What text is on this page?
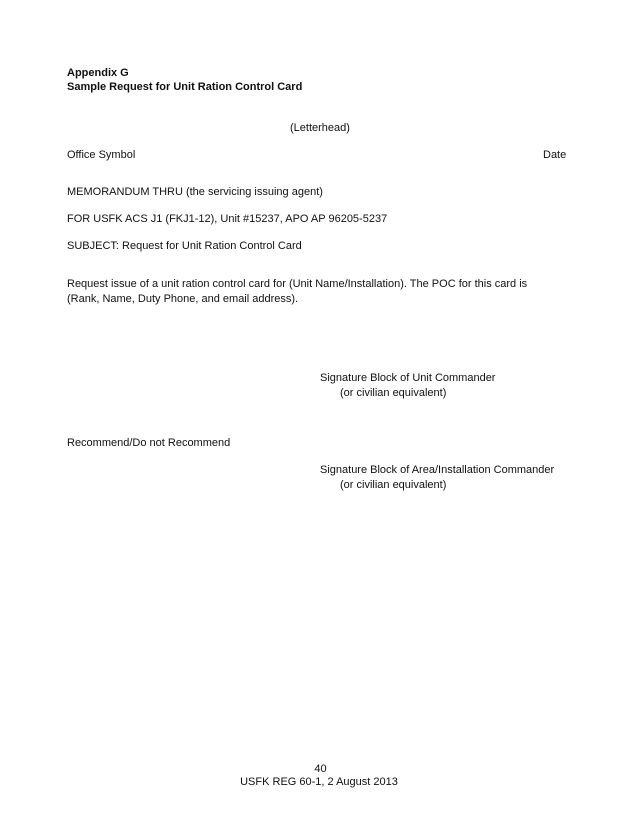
Appendix G
Sample Request for Unit Ration Control Card
(Letterhead)
Office Symbol	Date
MEMORANDUM THRU (the servicing issuing agent)
FOR USFK ACS J1 (FKJ1-12), Unit #15237, APO AP 96205-5237
SUBJECT: Request for Unit Ration Control Card
Request issue of a unit ration control card for (Unit Name/Installation). The POC for this card is
(Rank, Name, Duty Phone, and email address).
Signature Block of Unit Commander
(or civilian equivalent)
Recommend/Do not Recommend
Signature Block of Area/Installation Commander
(or civilian equivalent)
40
USFK REG 60-1, 2 August 2013
